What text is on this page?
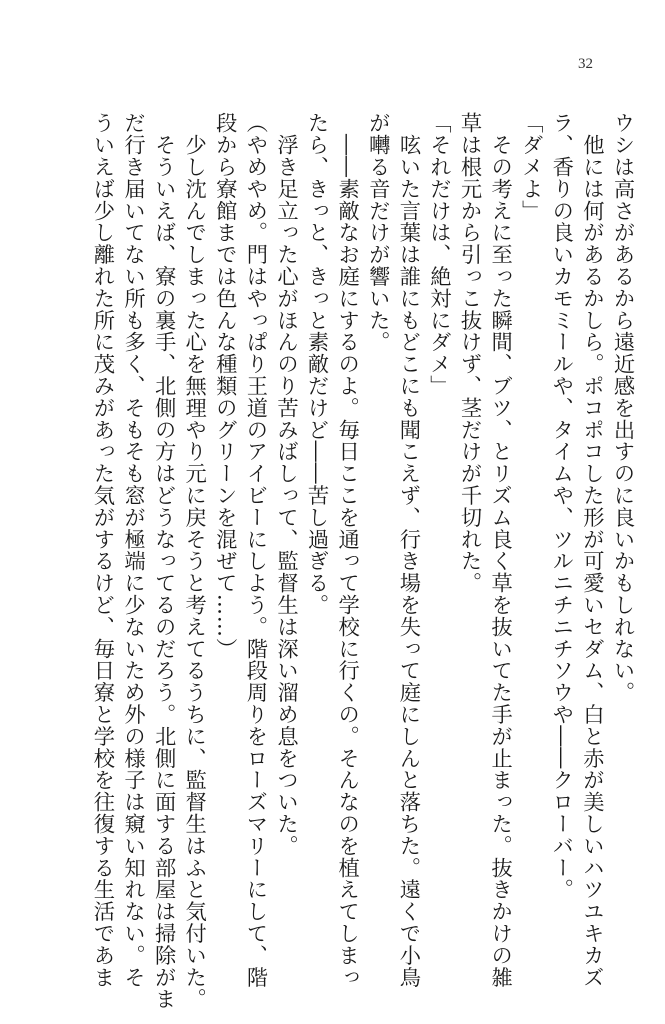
32
ウシは高さがあるから遠近感を出すのに良いかもしれない。
　他には何があるかしら。ポコポコした形が可愛いセダム、白と赤が美しいハツユキカズ
ラ、香りの良いカモミールや、タイムや、ツルニチニチソウや――クローバー。
「ダメよ」
　その考えに至った瞬間、ブツ、とリズム良く草を抜いてた手が止まった。抜きかけの雑
草は根元から引っこ抜けず、茎だけが千切れた。
「それだけは、絶対にダメ」
　呟いた言葉は誰にもどこにも聞こえず、行き場を失って庭にしんと落ちた。遠くで小鳥
が囀る音だけが響いた。
　――素敵なお庭にするのよ。毎日ここを通って学校に行くの。そんなのを植えてしまっ
たら、きっと、きっと素敵だけど――苦し過ぎる。
　浮き足立った心がほんのり苦みばしって、監督生は深い溜め息をついた。
（やめやめ。門はやっぱり王道のアイビーにしよう。階段周りをローズマリーにして、階
段から寮館までは色んな種類のグリーンを混ぜて……）
　少し沈んでしまった心を無理やり元に戻そうと考えてるうちに、監督生はふと気付いた。
　そういえば、寮の裏手、北側の方はどうなってるのだろう。北側に面する部屋は掃除がま
だ行き届いてない所も多く、そもそも窓が極端に少ないため外の様子は窺い知れない。そ
ういえば少し離れた所に茂みがあった気がするけど、毎日寮と学校を往復する生活であま
